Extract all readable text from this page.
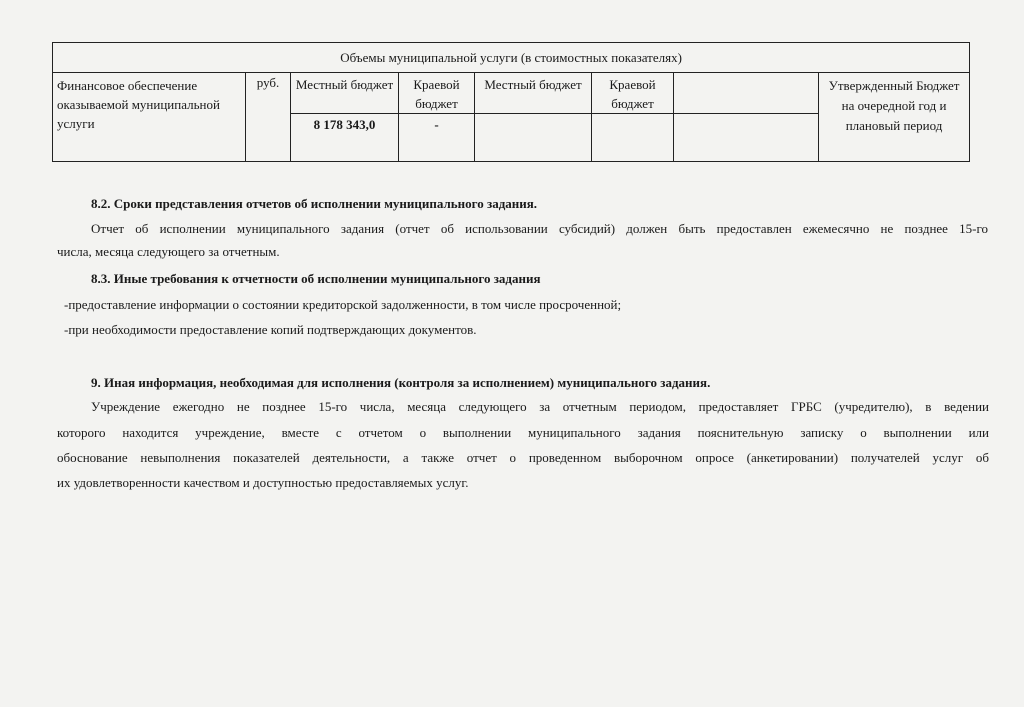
Объемы муниципальной услуги (в стоимостных показателях)							
Финансовое обеспечение оказываемой муниципальной услуги	руб.	Местный бюджет	Краевой бюджет	Местный бюджет	Краевой бюджет		Утвержденный Бюджет на очередной год и плановый период
		8 178 343,0	-				
8.2. Сроки представления отчетов об исполнении муниципального задания.
Отчет об исполнении муниципального задания (отчет об использовании субсидий) должен быть предоставлен ежемесячно не позднее 15-го
числа, месяца следующего за отчетным.
8.3. Иные требования к отчетности об исполнении муниципального задания
-предоставление информации о состоянии кредиторской задолженности, в том числе просроченной;
-при необходимости предоставление копий подтверждающих документов.
9. Иная информация, необходимая для исполнения (контроля за исполнением) муниципального задания.
Учреждение ежегодно не позднее 15-го числа, месяца следующего за отчетным периодом, предоставляет ГРБС (учредителю), в ведении
которого находится учреждение, вместе с отчетом о выполнении муниципального задания пояснительную записку о выполнении или
обоснование невыполнения показателей деятельности, а также отчет о проведенном выборочном опросе (анкетировании) получателей услуг об
их удовлетворенности качеством и доступностью предоставляемых услуг.
